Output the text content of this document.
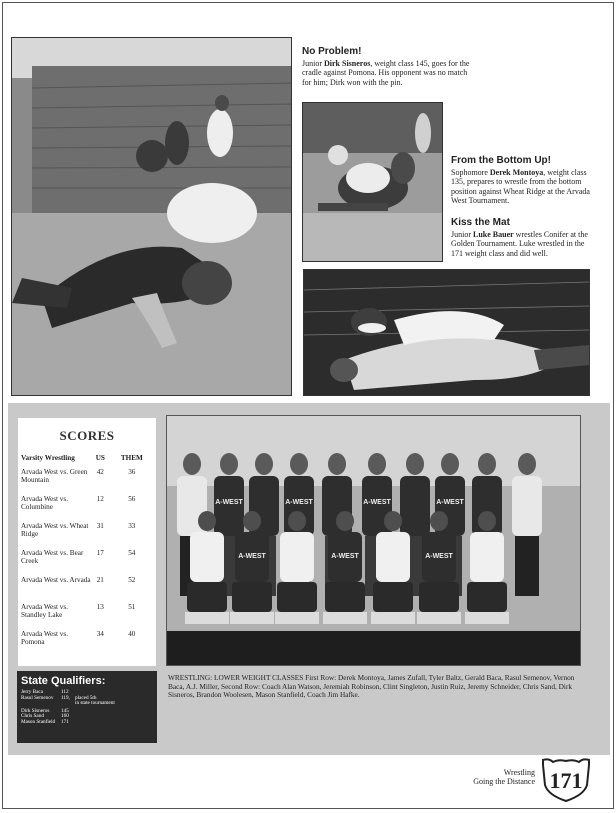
No Problem!

Junior Dirk Sisneros, weight class 145, goes for the cradle against Pomona. His opponent was no match for him; Dirk won with the pin.

From the Bottom Up!

Sophomore Derek Montoya, weight class 135, prepares to wrestle from the bottom position against Wheat Ridge at the Arvada West Tournament.

Kiss the Mat

Junior Luke Bauer wrestles Conifer at the Golden Tournament. Luke wrestled in the 171 weight class and did well.

SCORES
Varsity Wrestling	US	THEM
Arvada West vs. Green Mountain	42	36
Arvada West vs. Columbine	12	56
Arvada West vs. Wheat Ridge	31	33
Arvada West vs. Bear Creek	17	54
Arvada West vs. Arvada	21	52
Arvada West vs. Standley Lake	13	51
Arvada West vs. Pomona	34	40
State Qualifiers:
Jerry Baca	112
Rasul Semenov	119, placed 5th
in state tournament
Dirk Sisneros	145
Chris Sand	160
Mason Stanfield	171
A-WEST	A-WEST	A-WEST	A-WEST
A-WEST	A-WEST	A-WEST
WRESTLING: LOWER WEIGHT CLASSES First Row: Derek Montoya, James Zufall, Tyler Baltz, Gerald Baca, Rasul Semenov, Vernon Baca, A.J. Miller, Second Row: Coach Alan Watson, Jeremiah Robinson, Clint Singleton, Justin Ruiz, Jeremy Schneider, Chris Sand, Dirk Sisneros, Brandon Woolesen, Mason Stanfield, Coach Jim Hafke.
Wrestling
Going the Distance 171
